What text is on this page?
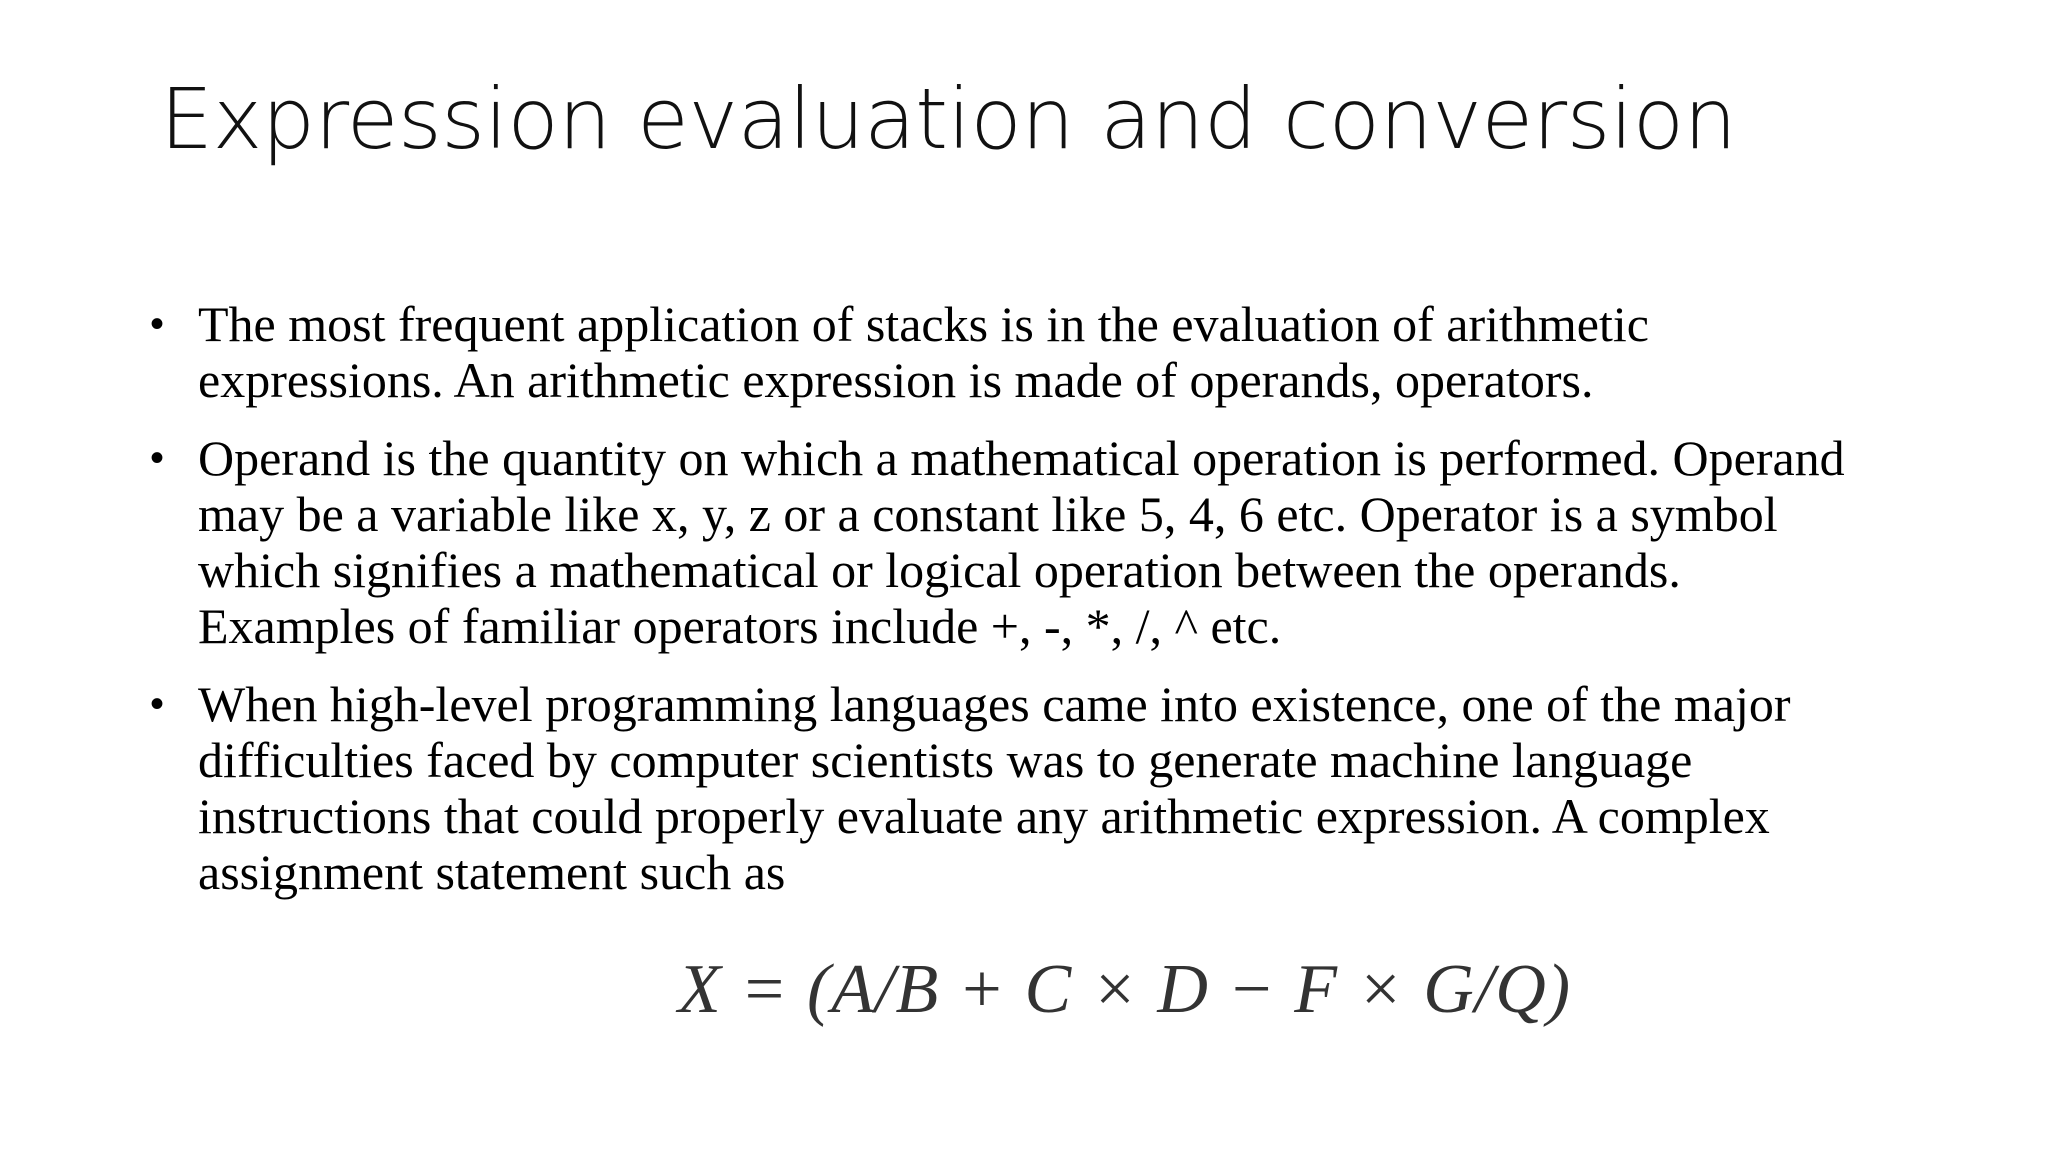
Expression evaluation and conversion
• The most frequent application of stacks is in the evaluation of arithmetic
expressions. An arithmetic expression is made of operands, operators.
• Operand is the quantity on which a mathematical operation is performed. Operand
may be a variable like x, y, z or a constant like 5, 4, 6 etc. Operator is a symbol
which signifies a mathematical or logical operation between the operands.
Examples of familiar operators include +, -, *, /, ^ etc.
• When high-level programming languages came into existence, one of the major
difficulties faced by computer scientists was to generate machine language
instructions that could properly evaluate any arithmetic expression. A complex
assignment statement such as
X = (A/B + C × D − F × G/Q)
